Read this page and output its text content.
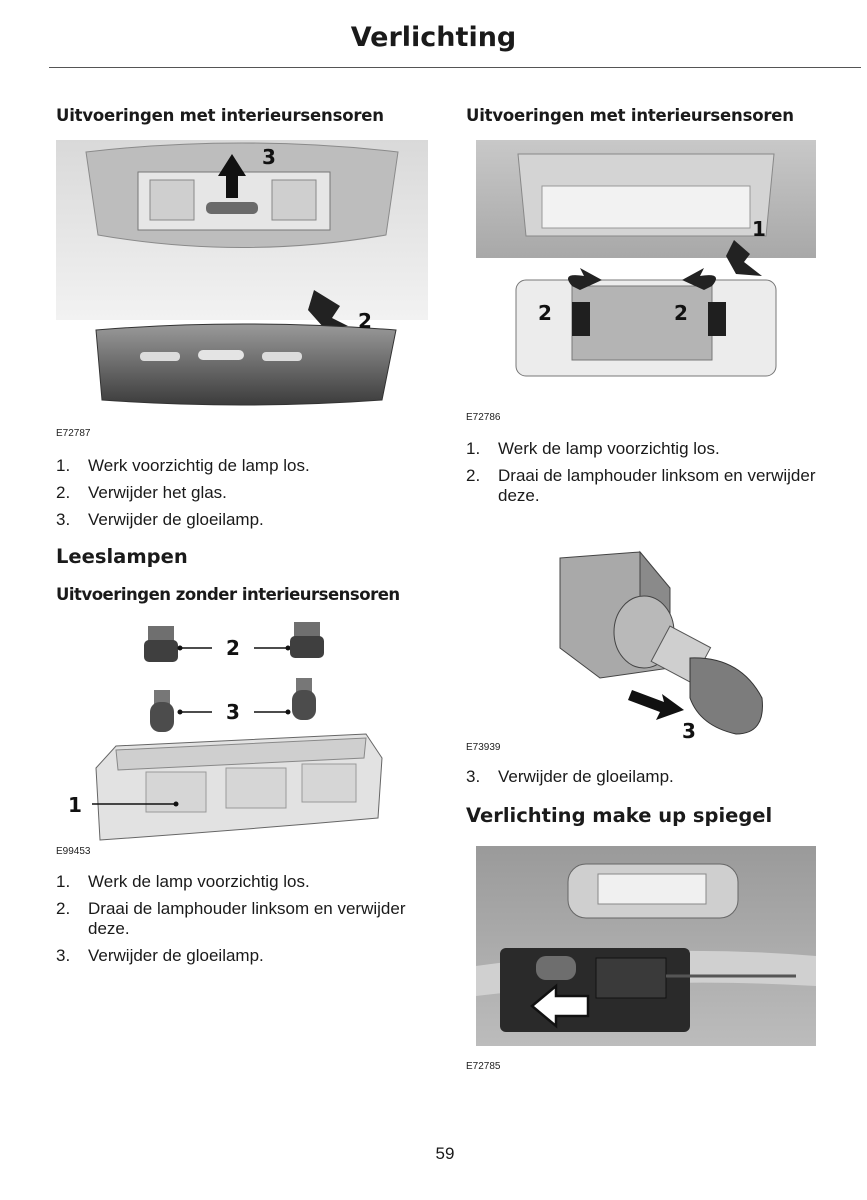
Verlichting
Uitvoeringen met interieursensoren
3
2
E72787
1. Werk voorzichtig de lamp los.
2. Verwijder het glas.
3. Verwijder de gloeilamp.
Leeslampen
Uitvoeringen zonder interieursensoren
2
3
1
E99453
1. Werk de lamp voorzichtig los.
2. Draai de lamphouder linksom en verwijder deze.
3. Verwijder de gloeilamp.
Uitvoeringen met interieursensoren
1
2	2
E72786
1. Werk de lamp voorzichtig los.
2. Draai de lamphouder linksom en verwijder deze.
3
E73939
3. Verwijder de gloeilamp.
Verlichting make up spiegel
E72785
59
